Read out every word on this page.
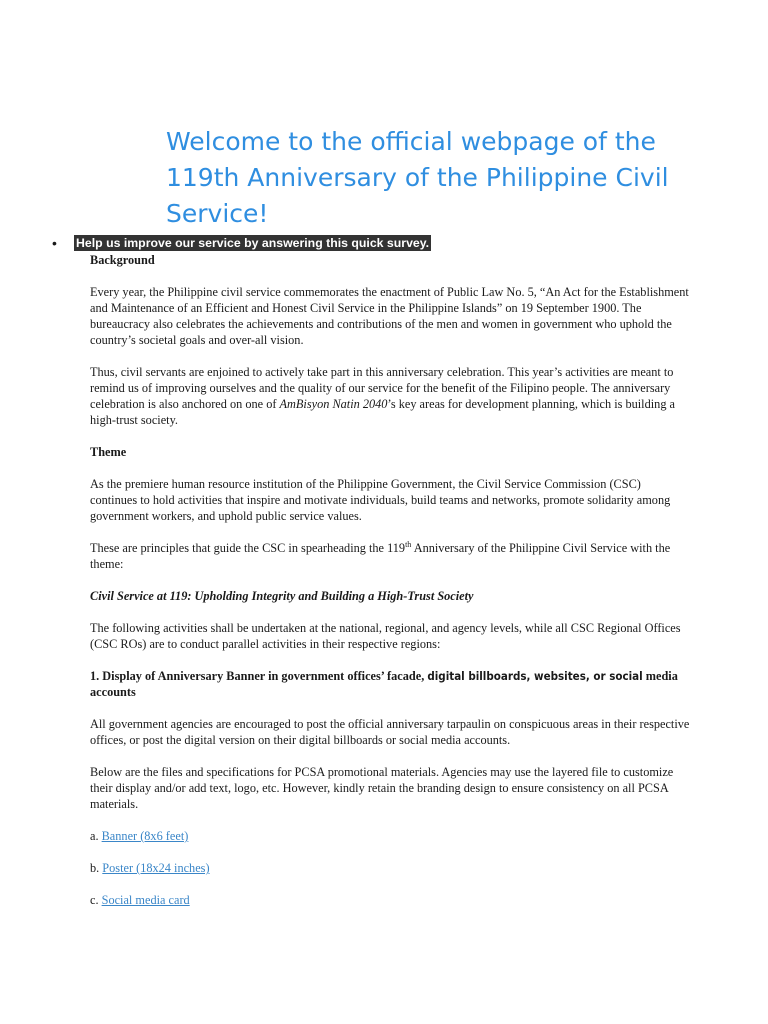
Welcome to the official webpage of the 119th Anniversary of the Philippine Civil Service!
• Help us improve our service by answering this quick survey.

Background

Every year, the Philippine civil service commemorates the enactment of Public Law No. 5, “An Act for the Establishment and Maintenance of an Efficient and Honest Civil Service in the Philippine Islands” on 19 September 1900. The bureaucracy also celebrates the achievements and contributions of the men and women in government who uphold the country’s societal goals and over-all vision.

Thus, civil servants are enjoined to actively take part in this anniversary celebration. This year’s activities are meant to remind us of improving ourselves and the quality of our service for the benefit of the Filipino people. The anniversary celebration is also anchored on one of AmBisyon Natin 2040’s key areas for development planning, which is building a high-trust society.

Theme

As the premiere human resource institution of the Philippine Government, the Civil Service Commission (CSC) continues to hold activities that inspire and motivate individuals, build teams and networks, promote solidarity among government workers, and uphold public service values.

These are principles that guide the CSC in spearheading the 119th Anniversary of the Philippine Civil Service with the theme:

Civil Service at 119: Upholding Integrity and Building a High-Trust Society

The following activities shall be undertaken at the national, regional, and agency levels, while all CSC Regional Offices (CSC ROs) are to conduct parallel activities in their respective regions:

1. Display of Anniversary Banner in government offices’ facade, digital billboards, websites, or social media accounts

All government agencies are encouraged to post the official anniversary tarpaulin on conspicuous areas in their respective offices, or post the digital version on their digital billboards or social media accounts.

Below are the files and specifications for PCSA promotional materials. Agencies may use the layered file to customize their display and/or add text, logo, etc. However, kindly retain the branding design to ensure consistency on all PCSA materials.

a. Banner (8x6 feet)

b. Poster (18x24 inches)

c. Social media card
